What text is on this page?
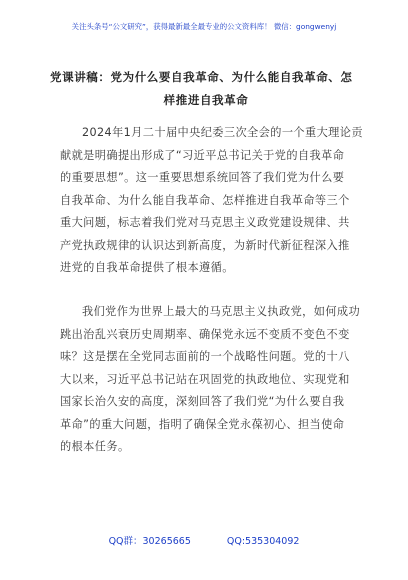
关注头条号“公文研究”，获得最新最全最专业的公文资料库！ 微信：gongwenyj
党课讲稿：党为什么要自我革命、为什么能自我革命、怎
样推进自我革命
2024年1月二十届中央纪委三次全会的一个重大理论贡
献就是明确提出形成了“习近平总书记关于党的自我革命
的重要思想”。这一重要思想系统回答了我们党为什么要
自我革命、为什么能自我革命、怎样推进自我革命等三个
重大问题，标志着我们党对马克思主义政党建设规律、共
产党执政规律的认识达到新高度，为新时代新征程深入推
进党的自我革命提供了根本遵循。
我们党作为世界上最大的马克思主义执政党，如何成功
跳出治乱兴衰历史周期率、确保党永远不变质不变色不变
味？这是摆在全党同志面前的一个战略性问题。党的十八
大以来，习近平总书记站在巩固党的执政地位、实现党和
国家长治久安的高度，深刻回答了我们党“为什么要自我
革命”的重大问题，指明了确保全党永葆初心、担当使命
的根本任务。
QQ群：30265665	QQ:535304092
